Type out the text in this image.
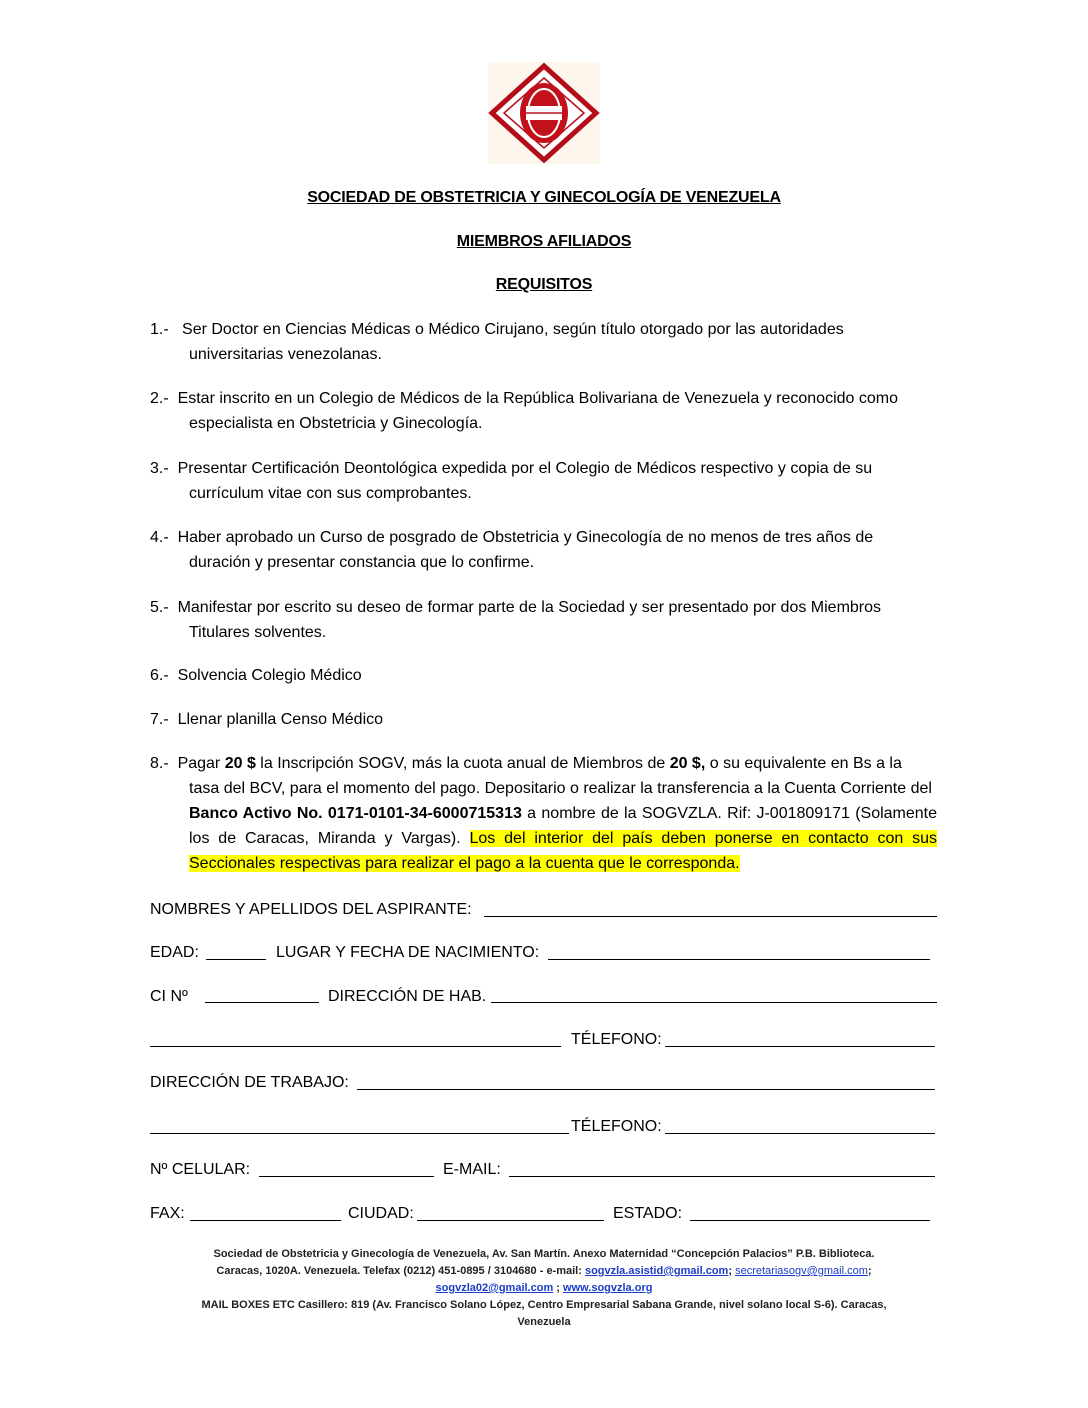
SOCIEDAD DE OBSTETRICIA Y GINECOLOGÍA DE VENEZUELA
MIEMBROS AFILIADOS
REQUISITOS
1.- Ser Doctor en Ciencias Médicas o Médico Cirujano, según título otorgado por las autoridades
universitarias venezolanas.
2.- Estar inscrito en un Colegio de Médicos de la República Bolivariana de Venezuela y reconocido como
especialista en Obstetricia y Ginecología.
3.- Presentar Certificación Deontológica expedida por el Colegio de Médicos respectivo y copia de su
currículum vitae con sus comprobantes.
4.- Haber aprobado un Curso de posgrado de Obstetricia y Ginecología de no menos de tres años de
duración y presentar constancia que lo confirme.
5.- Manifestar por escrito su deseo de formar parte de la Sociedad y ser presentado por dos Miembros
Titulares solventes.
6.- Solvencia Colegio Médico
7.- Llenar planilla Censo Médico
8.- Pagar 20 $ la Inscripción SOGV, más la cuota anual de Miembros de 20 $, o su equivalente en Bs a la
tasa del BCV, para el momento del pago. Depositario o realizar la transferencia a la Cuenta Corriente del
Banco Activo No. 0171-0101-34-6000715313 a nombre de la SOGVZLA. Rif: J-001809171 (Solamente
los de Caracas, Miranda y Vargas). Los del interior del país deben ponerse en contacto con sus
Seccionales respectivas para realizar el pago a la cuenta que le corresponda.
NOMBRES Y APELLIDOS DEL ASPIRANTE:
EDAD:	LUGAR Y FECHA DE NACIMIENTO:
CI Nº	DIRECCIÓN DE HAB.
TÉLEFONO:
DIRECCIÓN DE TRABAJO:
TÉLEFONO:
Nº CELULAR:	E-MAIL:
FAX:	CIUDAD:	ESTADO:
Sociedad de Obstetricia y Ginecología de Venezuela, Av. San Martín. Anexo Maternidad “Concepción Palacios” P.B. Biblioteca.
Caracas, 1020A. Venezuela. Telefax (0212) 451-0895 / 3104680 - e-mail: sogvzla.asistid@gmail.com; secretariasogv@gmail.com;
sogvzla02@gmail.com ; www.sogvzla.org
MAIL BOXES ETC Casillero: 819 (Av. Francisco Solano López, Centro Empresarial Sabana Grande, nivel solano local S-6). Caracas,
Venezuela
